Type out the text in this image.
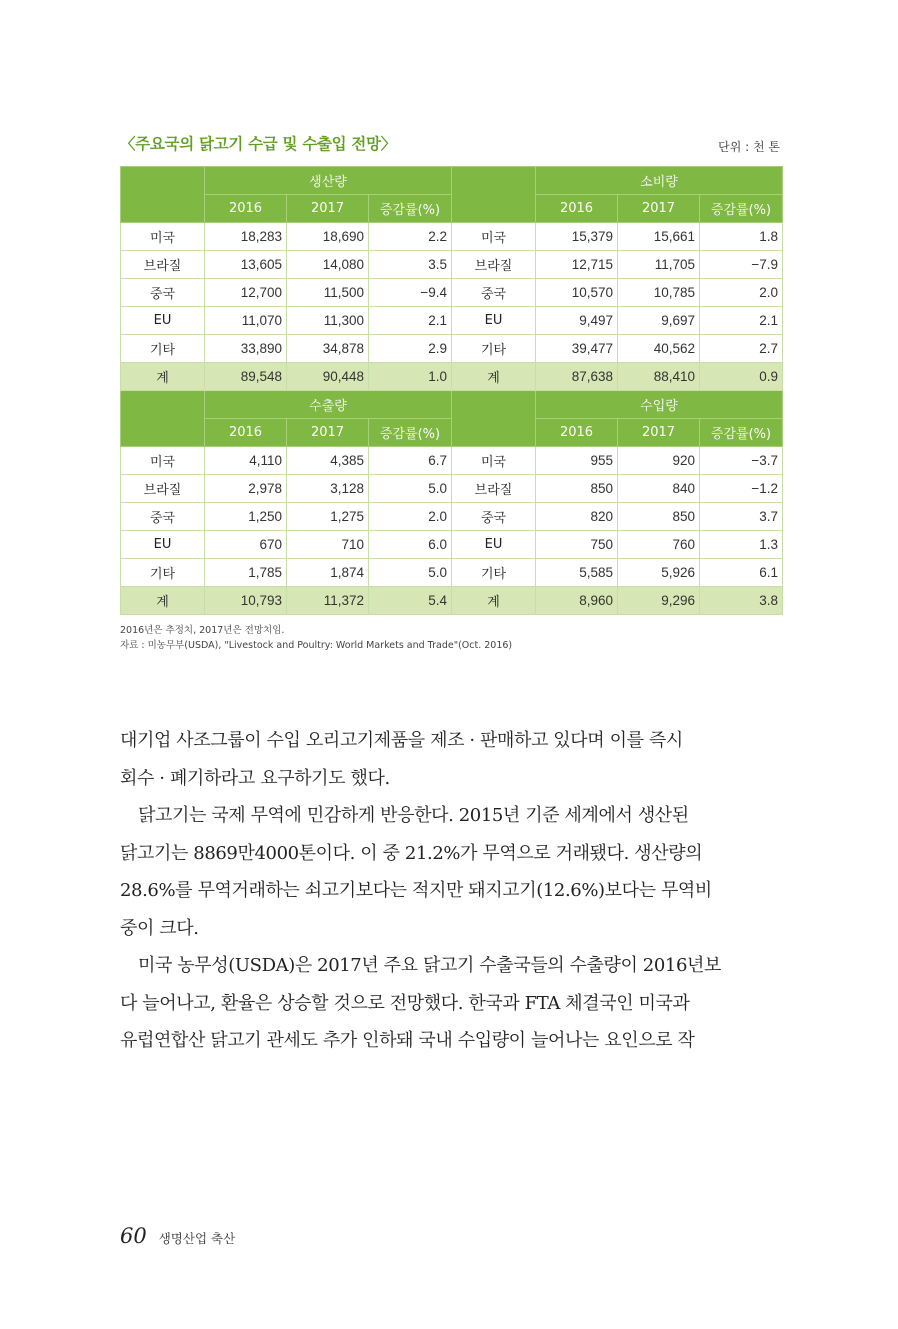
〈주요국의 닭고기 수급 및 수출입 전망〉	단위 : 천 톤
	생산량				소비량		
	2016	2017	증감률(%)		2016	2017	증감률(%)
미국	18,283	18,690	2.2	미국	15,379	15,661	1.8
브라질	13,605	14,080	3.5	브라질	12,715	11,705	−7.9
중국	12,700	11,500	−9.4	중국	10,570	10,785	2.0
EU	11,070	11,300	2.1	EU	9,497	9,697	2.1
기타	33,890	34,878	2.9	기타	39,477	40,562	2.7
계	89,548	90,448	1.0	계	87,638	88,410	0.9
	수출량				수입량		
	2016	2017	증감률(%)		2016	2017	증감률(%)
미국	4,110	4,385	6.7	미국	955	920	−3.7
브라질	2,978	3,128	5.0	브라질	850	840	−1.2
중국	1,250	1,275	2.0	중국	820	850	3.7
EU	670	710	6.0	EU	750	760	1.3
기타	1,785	1,874	5.0	기타	5,585	5,926	6.1
계	10,793	11,372	5.4	계	8,960	9,296	3.8
2016년은 추정치, 2017년은 전망치임.
자료 : 미농무부(USDA), "Livestock and Poultry: World Markets and Trade"(Oct. 2016)

대기업 사조그룹이 수입 오리고기제품을 제조 · 판매하고 있다며 이를 즉시
회수 · 폐기하라고 요구하기도 했다.

닭고기는 국제 무역에 민감하게 반응한다. 2015년 기준 세계에서 생산된
닭고기는 8869만4000톤이다. 이 중 21.2%가 무역으로 거래됐다. 생산량의
28.6%를 무역거래하는 쇠고기보다는 적지만 돼지고기(12.6%)보다는 무역비
중이 크다.

미국 농무성(USDA)은 2017년 주요 닭고기 수출국들의 수출량이 2016년보
다 늘어나고, 환율은 상승할 것으로 전망했다. 한국과 FTA 체결국인 미국과
유럽연합산 닭고기 관세도 추가 인하돼 국내 수입량이 늘어나는 요인으로 작

60 생명산업 축산
